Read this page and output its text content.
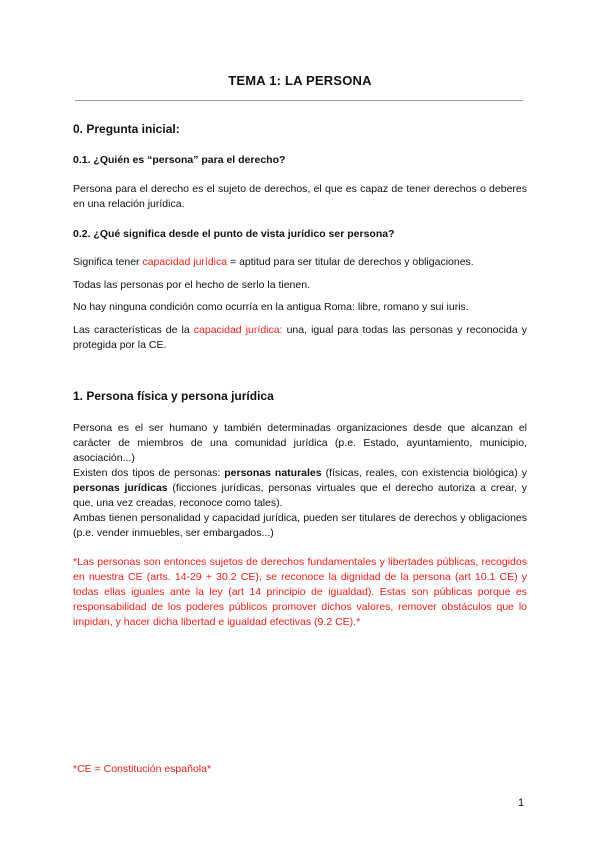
TEMA 1: LA PERSONA
0. Pregunta inicial:
0.1. ¿Quién es “persona” para el derecho?
Persona para el derecho es el sujeto de derechos, el que es capaz de tener derechos o deberes en una relación jurídica.
0.2. ¿Qué significa desde el punto de vista jurídico ser persona?
Significa tener capacidad jurídica = aptitud para ser titular de derechos y obligaciones.
Todas las personas por el hecho de serlo la tienen.
No hay ninguna condición como ocurría en la antigua Roma: libre, romano y sui iuris.
Las características de la capacidad jurídica: una, igual para todas las personas y reconocida y protegida por la CE.
1. Persona física y persona jurídica
Persona es el ser humano y también determinadas organizaciones desde que alcanzan el carácter de miembros de una comunidad jurídica (p.e. Estado, ayuntamiento, municipio, asociación...)
Existen dos tipos de personas: personas naturales (físicas, reales, con existencia biológica) y personas jurídicas (ficciones jurídicas, personas virtuales que el derecho autoriza a crear, y que, una vez creadas, reconoce como tales).
Ambas tienen personalidad y capacidad jurídica, pueden ser titulares de derechos y obligaciones (p.e. vender inmuebles, ser embargados...)
*Las personas son entonces sujetos de derechos fundamentales y libertades públicas, recogidos en nuestra CE (arts. 14-29 + 30.2 CE), se reconoce la dignidad de la persona (art 10.1 CE) y todas ellas iguales ante la ley (art 14 principio de igualdad). Estas son públicas porque es responsabilidad de los poderes públicos promover dichos valores, remover obstáculos que lo impidan, y hacer dicha libertad e igualdad efectivas (9.2 CE).*
*CE = Constitución española*
1
